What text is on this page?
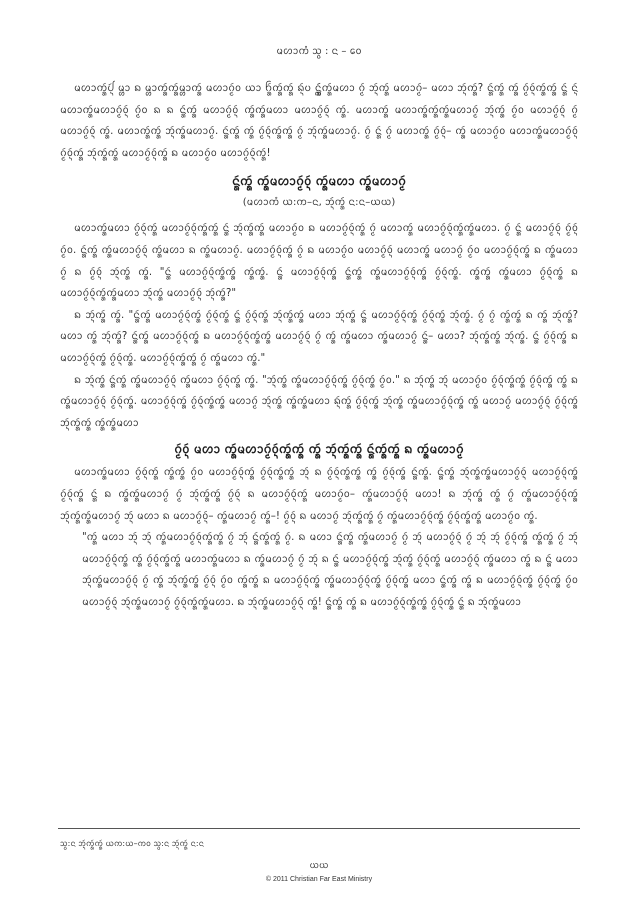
ᨾᩉᩣᨠᩴ ᩈ᩠ᩅ : ᨶ – ᩅᩮ

ᨾᩉᩣᨠᩢ᩠ᩁᨸᩢ᩠ᨶ ᨾ᩠ᩉᩣ ᨦ ᨾ᩠ᩉᩣᨠᩢ᩠ᩁᨠᩢ᩠ᩁᨾ᩠ᩉᩣᨠᩢ᩠ᩁ ᨾᩉᩣᨣᩢ᩠ᨾᩅ ᨿᩣ ᨤᩢ᩠ᩁᨠᩢ᩠ᩁᨠᩢ᩠ᩁ ᨦᩢ᩠ᨶᨷ ᨶᩢ᩠ᨠᩢ᩠ᩁᨠᩢ᩠ᩁᨾᩉᩣ ᨣᩢ᩠ᨾ ᨽᩢ᩠ᨶᨠᩢ᩠ᩁ ᨾᩉᩣᨣᩢ᩠ᨾ– ᨾᩉᩣ ᨽᩢ᩠ᨶᨠᩢ᩠ᩁ? ᨶᩢ᩠ᩁᨠᩢ᩠ᩁ ᨠᩢ᩠ᩁ ᨣᩢ᩠ᨾᩅᩢ᩠ᨶᨠᩢ᩠ᩁᨠᩢ᩠ᩁ ᨶᩢ᩠ᩁ ᨶᩢ᩠ᨶ ᨾᩉᩣᨠᩢ᩠ᩁᨾᩉᩣᨣᩢ᩠ᨾᩅᩢ᩠ᨶ ᨣᩢ᩠ᨾᩅ ᨦ ᨦ ᨶᩢ᩠ᩁᨠᩢ᩠ᩁ ᨾᩉᩣᨣᩢ᩠ᨾᩅᩢ᩠ᨶ ᨠᩢ᩠ᩁᨠᩢ᩠ᩁᨾᩉᩣ ᨾᩉᩣᨣᩢ᩠ᨾᩅᩢ᩠ᨶ ᨠᩢ᩠ᩁ. ᨾᩉᩣᨠᩢ᩠ᩁ ᨾᩉᩣᨠᩢ᩠ᩁᨠᩢ᩠ᩁᨠᩢ᩠ᩁᨾᩉᩣᨣᩢ᩠ᨾ ᨽᩢ᩠ᨶᨠᩢ᩠ᩁ ᨣᩢ᩠ᨾᩅ ᨾᩉᩣᨣᩢ᩠ᨾᩅᩢ᩠ᨶ ᨣᩢ᩠ᨾ ᨾᩉᩣᨣᩢ᩠ᨾᩅᩢ᩠ᨶ ᨠᩢ᩠ᩁ. ᨾᩉᩣᨠᩢ᩠ᩁᨠᩢ᩠ᩁ ᨽᩢ᩠ᨶᨠᩢ᩠ᩁᨾᩉᩣᨣᩢ᩠ᨾ. ᨶᩢ᩠ᩁᨠᩢ᩠ᩁ ᨠᩢ᩠ᩁ ᨣᩢ᩠ᨾᩅᩢ᩠ᨶᨠᩢ᩠ᩁᨠᩢ᩠ᩁ ᨣᩢ᩠ᨾ ᨽᩢ᩠ᨶᨠᩢ᩠ᩁᨾᩉᩣᨣᩢ᩠ᨾ. ᨣᩢ᩠ᨾ ᨶᩢ᩠ᩁ ᨣᩢ᩠ᨾ ᨾᩉᩣᨠᩢ᩠ᩁ ᨣᩢ᩠ᨾᩅᩢ᩠ᨶ– ᨠᩢ᩠ᩁ ᨾᩉᩣᨣᩢ᩠ᨾᩅ ᨾᩉᩣᨠᩢ᩠ᩁᨾᩉᩣᨣᩢ᩠ᨾᩅᩢ᩠ᨶ ᨣᩢ᩠ᨾᩅᩢ᩠ᨶᨠᩢ᩠ᩁ ᨽᩢ᩠ᨶᨠᩢ᩠ᩁᨠᩢ᩠ᩁ ᨾᩉᩣᨣᩢ᩠ᨾᩅᩢ᩠ᨶᨠᩢ᩠ᩁ ᨦ ᨾᩉᩣᨣᩢ᩠ᨾᩅ ᨾᩉᩣᨣᩢ᩠ᨾᩅᩢ᩠ᨶᨠᩢ᩠ᩁ!

ᨶᩢ᩠ᩁᨠᩢ᩠ᩁ ᨠᩢ᩠ᩁᨾᩉᩣᨣᩢ᩠ᨾᩅᩢ᩠ᨶ ᨠᩢ᩠ᩁᨾᩉᩣ ᨠᩢ᩠ᩁᨾᩉᩣᨣᩢ᩠ᨾ
(ᨾᩉᩣᨠᩴ ᨿ:ᨠ–ᨶ, ᨽᩢ᩠ᨶᨠᩢ᩠ᩁ ᨶ:ᨶ–ᨿᨿ)

ᨾᩉᩣᨠᩢ᩠ᩁᨾᩉᩣ ᨣᩢ᩠ᨾᩅᩢ᩠ᨶᨠᩢ᩠ᩁ ᨾᩉᩣᨣᩢ᩠ᨾᩅᩢ᩠ᨶᨠᩢ᩠ᩁᨠᩢ᩠ᩁ ᨶᩢ᩠ᩁ ᨽᩢ᩠ᨶᨠᩢ᩠ᩁᨠᩢ᩠ᩁ ᨾᩉᩣᨣᩢ᩠ᨾᩅ ᨦ ᨾᩉᩣᨣᩢ᩠ᨾᩅᩢ᩠ᨶᨠᩢ᩠ᩁ ᨣᩢ᩠ᨾ ᨾᩉᩣᨠᩢ᩠ᩁ ᨾᩉᩣᨣᩢ᩠ᨾᩅᩢ᩠ᨶᨠᩢ᩠ᩁᨠᩢ᩠ᩁᨾᩉᩣ. ᨣᩢ᩠ᨾ ᨶᩢ᩠ᩁ ᨾᩉᩣᨣᩢ᩠ᨾᩅᩢ᩠ᨶ ᨣᩢ᩠ᨾᩅᩢ᩠ᨶ ᨣᩢ᩠ᨾᩅ. ᨶᩢ᩠ᩁᨠᩢ᩠ᩁ ᨠᩢ᩠ᩁᨾᩉᩣᨣᩢ᩠ᨾᩅᩢ᩠ᨶ ᨠᩢ᩠ᩁᨾᩉᩣ ᨦ ᨠᩢ᩠ᩁᨾᩉᩣᨣᩢ᩠ᨾ. ᨾᩉᩣᨣᩢ᩠ᨾᩅᩢ᩠ᨶᨠᩢ᩠ᩁ ᨣᩢ᩠ᨾ ᨦ ᨾᩉᩣᨣᩢ᩠ᨾᩅ ᨾᩉᩣᨣᩢ᩠ᨾᩅᩢ᩠ᨶ ᨾᩉᩣᨠᩢ᩠ᩁ ᨾᩉᩣᨣᩢ᩠ᨾ ᨣᩢ᩠ᨾᩅ ᨾᩉᩣᨣᩢ᩠ᨾᩅᩢ᩠ᨶᨠᩢ᩠ᩁ ᨦ ᨠᩢ᩠ᩁᨾᩉᩣ ᨣᩢ᩠ᨾ ᨦ ᨣᩢ᩠ᨾᩅᩢ᩠ᨶ ᨽᩢ᩠ᨶᨠᩢ᩠ᩁ ᨠᩢ᩠ᩁ. "ᨶᩢ᩠ᩁ ᨾᩉᩣᨣᩢ᩠ᨾᩅᩢ᩠ᨶᨠᩢ᩠ᩁᨠᩢ᩠ᩁ ᨠᩢ᩠ᩁᨠᩢ᩠ᩁ. ᨶᩢ᩠ᩁ ᨾᩉᩣᨣᩢ᩠ᨾᩅᩢ᩠ᨶᨠᩢ᩠ᩁ ᨶᩢ᩠ᩁᨠᩢ᩠ᩁ ᨠᩢ᩠ᩁᨾᩉᩣᨣᩢ᩠ᨾᩅᩢ᩠ᨶᨠᩢ᩠ᩁ ᨣᩢ᩠ᨾᩅᩢ᩠ᨶᨠᩢ᩠ᩁ. ᨠᩢ᩠ᩁᨠᩢ᩠ᩁ ᨠᩢ᩠ᩁᨾᩉᩣ ᨣᩢ᩠ᨾᩅᩢ᩠ᨶᨠᩢ᩠ᩁ ᨦ ᨾᩉᩣᨣᩢ᩠ᨾᩅᩢ᩠ᨶᨠᩢ᩠ᩁᨠᩢ᩠ᩁᨾᩉᩣ ᨽᩢ᩠ᨶᨠᩢ᩠ᩁ ᨾᩉᩣᨣᩢ᩠ᨾᩅᩢ᩠ᨶ ᨽᩢ᩠ᨶᨠᩢ᩠ᩁ?"

ᨦ ᨽᩢ᩠ᨶᨠᩢ᩠ᩁ ᨠᩢ᩠ᩁ. "ᨶᩢ᩠ᩁᨠᩢ᩠ᩁ ᨾᩉᩣᨣᩢ᩠ᨾᩅᩢ᩠ᨶᨠᩢ᩠ᩁ ᨣᩢ᩠ᨾᩅᩢ᩠ᨶᨠᩢ᩠ᩁ ᨶᩢ᩠ᩁ ᨣᩢ᩠ᨾᩅᩢ᩠ᨶᨠᩢ᩠ᩁ ᨽᩢ᩠ᨶᨠᩢ᩠ᩁᨠᩢ᩠ᩁ ᨾᩉᩣ ᨽᩢ᩠ᨶᨠᩢ᩠ᩁ ᨶᩢ᩠ᩁ ᨾᩉᩣᨣᩢ᩠ᨾᩅᩢ᩠ᨶᨠᩢ᩠ᩁ ᨣᩢ᩠ᨾᩅᩢ᩠ᨶᨠᩢ᩠ᩁ ᨽᩢ᩠ᨶᨠᩢ᩠ᩁ. ᨣᩢ᩠ᨾ ᨣᩢ᩠ᨾ ᨠᩢ᩠ᩁᨠᩢ᩠ᩁ ᨦ ᨠᩢ᩠ᩁ ᨽᩢ᩠ᨶᨠᩢ᩠ᩁ? ᨾᩉᩣ ᨠᩢ᩠ᩁ ᨽᩢ᩠ᨶᨠᩢ᩠ᩁ? ᨶᩢ᩠ᩁᨠᩢ᩠ᩁ ᨾᩉᩣᨣᩢ᩠ᨾᩅᩢ᩠ᨶᨠᩢ᩠ᩁ ᨦ ᨾᩉᩣᨣᩢ᩠ᨾᩅᩢ᩠ᨶᨠᩢ᩠ᩁᨠᩢ᩠ᩁ ᨾᩉᩣᨣᩢ᩠ᨾᩅᩢ᩠ᨶ ᨣᩢ᩠ᨾ ᨠᩢ᩠ᩁ ᨠᩢ᩠ᩁᨾᩉᩣ ᨠᩢ᩠ᩁᨾᩉᩣᨣᩢ᩠ᨾ ᨶᩢ᩠ᩁ– ᨾᩉᩣ? ᨽᩢ᩠ᨶᨠᩢ᩠ᩁᨠᩢ᩠ᩁ ᨽᩢ᩠ᨶᨠᩢ᩠ᩁ. ᨶᩢ᩠ᩁ ᨣᩢ᩠ᨾᩅᩢ᩠ᨶᨠᩢ᩠ᩁ ᨦ ᨾᩉᩣᨣᩢ᩠ᨾᩅᩢ᩠ᨶᨠᩢ᩠ᩁ ᨣᩢ᩠ᨾᩅᩢ᩠ᨶᨠᩢ᩠ᩁ. ᨾᩉᩣᨣᩢ᩠ᨾᩅᩢ᩠ᨶᨠᩢ᩠ᩁᨠᩢ᩠ᩁ ᨣᩢ᩠ᨾ ᨠᩢ᩠ᩁᨾᩉᩣ ᨠᩢ᩠ᩁ."

ᨦ ᨽᩢ᩠ᨶᨠᩢ᩠ᩁ ᨶᩢ᩠ᩁᨠᩢ᩠ᩁ ᨠᩢ᩠ᩁᨾᩉᩣᨣᩢ᩠ᨾᩅᩢ᩠ᨶ ᨠᩢ᩠ᩁᨾᩉᩣ ᨣᩢ᩠ᨾᩅᩢ᩠ᨶᨠᩢ᩠ᩁ ᨠᩢ᩠ᩁ. "ᨽᩢ᩠ᨶᨠᩢ᩠ᩁ ᨠᩢ᩠ᩁᨾᩉᩣᨣᩢ᩠ᨾᩅᩢ᩠ᨶᨠᩢ᩠ᩁ ᨣᩢ᩠ᨾᩅᩢ᩠ᨶᨠᩢ᩠ᩁ ᨣᩢ᩠ᨾᩅ." ᨦ ᨽᩢ᩠ᨶᨠᩢ᩠ᩁ ᨽᩢ᩠ᨶ ᨾᩉᩣᨣᩢ᩠ᨾᩅ ᨣᩢ᩠ᨾᩅᩢ᩠ᨶᨠᩢ᩠ᩁᨠᩢ᩠ᩁ ᨣᩢ᩠ᨾᩅᩢ᩠ᨶᨠᩢ᩠ᩁ ᨠᩢ᩠ᩁ ᨦ ᨠᩢ᩠ᩁᨾᩉᩣᨣᩢ᩠ᨾᩅᩢ᩠ᨶ ᨣᩢ᩠ᨾᩅᩢ᩠ᨶᨠᩢ᩠ᩁ. ᨾᩉᩣᨣᩢ᩠ᨾᩅᩢ᩠ᨶᨠᩢ᩠ᩁ ᨣᩢ᩠ᨾᩅᩢ᩠ᨶᨠᩢ᩠ᩁᨠᩢ᩠ᩁ ᨾᩉᩣᨣᩢ᩠ᨾ ᨽᩢ᩠ᨶᨠᩢ᩠ᩁ ᨠᩢ᩠ᩁᨠᩢ᩠ᩁᨾᩉᩣ ᨦᩢ᩠ᨶᨠᩢ᩠ᩁ ᨣᩢ᩠ᨾᩅᩢ᩠ᨶᨠᩢ᩠ᩁ ᨽᩢ᩠ᨶᨠᩢ᩠ᩁ ᨠᩢ᩠ᩁᨾᩉᩣᨣᩢ᩠ᨾᩅᩢ᩠ᨶᨠᩢ᩠ᩁ ᨠᩢ᩠ᩁ ᨾᩉᩣᨣᩢ᩠ᨾ ᨾᩉᩣᨣᩢ᩠ᨾᩅᩢ᩠ᨶ ᨣᩢ᩠ᨾᩅᩢ᩠ᨶᨠᩢ᩠ᩁ ᨽᩢ᩠ᨶᨠᩢ᩠ᩁᨠᩢ᩠ᩁ ᨠᩢ᩠ᩁᨠᩢ᩠ᩁᨾᩉᩣ

ᨣᩢ᩠ᨾᩅᩢ᩠ᨶ ᨾᩉᩣ ᨠᩢ᩠ᩁᨾᩉᩣᨣᩢ᩠ᨾᩅᩢ᩠ᨶᨠᩢ᩠ᩁᨠᩢ᩠ᩁ ᨠᩢ᩠ᩁ ᨽᩢ᩠ᨶᨠᩢ᩠ᩁᨠᩢ᩠ᩁ ᨶᩢ᩠ᩁᨠᩢ᩠ᩁᨠᩢ᩠ᩁ ᨦ ᨠᩢ᩠ᩁᨾᩉᩣᨣᩢ᩠ᨾ

ᨾᩉᩣᨠᩢ᩠ᩁᨾᩉᩣ ᨣᩢ᩠ᨾᩅᩢ᩠ᨶᨠᩢ᩠ᩁ ᨠᩢ᩠ᩁᨠᩢ᩠ᩁ ᨣᩢ᩠ᨾᩅ ᨾᩉᩣᨣᩢ᩠ᨾᩅᩢ᩠ᨶᨠᩢ᩠ᩁ ᨣᩢ᩠ᨾᩅᩢ᩠ᨶᨠᩢ᩠ᩁᨠᩢ᩠ᩁ ᨽᩢ᩠ᨶ ᨦ ᨣᩢ᩠ᨾᩅᩢ᩠ᨶᨠᩢ᩠ᩁᨠᩢ᩠ᩁ ᨠᩢ᩠ᩁ ᨣᩢ᩠ᨾᩅᩢ᩠ᨶᨠᩢ᩠ᩁ ᨶᩢ᩠ᩁᨠᩢ᩠ᩁ. ᨶᩢ᩠ᩁᨠᩢ᩠ᩁ ᨽᩢ᩠ᨶᨠᩢ᩠ᩁᨠᩢ᩠ᩁᨾᩉᩣᨣᩢ᩠ᨾᩅᩢ᩠ᨶ ᨾᩉᩣᨣᩢ᩠ᨾᩅᩢ᩠ᨶᨠᩢ᩠ᩁ ᨣᩢ᩠ᨾᩅᩢ᩠ᨶᨠᩢ᩠ᩁ ᨶᩢ᩠ᩁ ᨦ ᨠᩢ᩠ᩁᨠᩢ᩠ᩁᨾᩉᩣᨣᩢ᩠ᨾ ᨣᩢ᩠ᨾ ᨽᩢ᩠ᨶᨠᩢ᩠ᩁᨠᩢ᩠ᩁ ᨣᩢ᩠ᨾᩅᩢ᩠ᨶ ᨦ ᨾᩉᩣᨣᩢ᩠ᨾᩅᩢ᩠ᨶᨠᩢ᩠ᩁ ᨾᩉᩣᨣᩢ᩠ᨾᩅ– ᨠᩢ᩠ᩁᨾᩉᩣᨣᩢ᩠ᨾᩅᩢ᩠ᨶ ᨾᩉᩣ! ᨦ ᨽᩢ᩠ᨶᨠᩢ᩠ᩁ ᨠᩢ᩠ᩁ ᨣᩢ᩠ᨾ ᨠᩢ᩠ᩁᨾᩉᩣᨣᩢ᩠ᨾᩅᩢ᩠ᨶᨠᩢ᩠ᩁ ᨽᩢ᩠ᨶᨠᩢ᩠ᩁᨠᩢ᩠ᩁᨾᩉᩣᨣᩢ᩠ᨾ ᨽᩢ᩠ᨶ ᨾᩉᩣ ᨦ ᨾᩉᩣᨣᩢ᩠ᨾᩅᩢ᩠ᨶ– ᨠᩢ᩠ᩁᨾᩉᩣᨣᩢ᩠ᨾ ᨠᩢ᩠ᩁ–! ᨣᩢ᩠ᨾᩅᩢ᩠ᨶ ᨦ ᨾᩉᩣᨣᩢ᩠ᨾ ᨽᩢ᩠ᨶᨠᩢ᩠ᩁᨠᩢ᩠ᩁ ᨣᩢ᩠ᨾ ᨠᩢ᩠ᩁᨾᩉᩣᨣᩢ᩠ᨾᩅᩢ᩠ᨶᨠᩢ᩠ᩁ ᨣᩢ᩠ᨾᩅᩢ᩠ᨶᨠᩢ᩠ᩁᨠᩢ᩠ᩁ ᨾᩉᩣᨣᩢ᩠ᨾᩅ ᨠᩢ᩠ᩁ.

"ᨠᩢ᩠ᩁ ᨾᩉᩣ ᨽᩢ᩠ᨶ ᨽᩢ᩠ᨶ ᨠᩢ᩠ᩁᨾᩉᩣᨣᩢ᩠ᨾᩅᩢ᩠ᨶᨠᩢ᩠ᩁᨠᩢ᩠ᩁ ᨣᩢ᩠ᨾ ᨽᩢ᩠ᨶ ᨶᩢ᩠ᩁᨠᩢ᩠ᩁᨠᩢ᩠ᩁ ᨣᩢ᩠ᨾ. ᨦ ᨾᩉᩣ ᨶᩢ᩠ᩁᨠᩢ᩠ᩁ ᨠᩢ᩠ᩁᨾᩉᩣᨣᩢ᩠ᨾ ᨣᩢ᩠ᨾ ᨽᩢ᩠ᨶ ᨾᩉᩣᨣᩢ᩠ᨾᩅᩢ᩠ᨶ ᨣᩢ᩠ᨾ ᨽᩢ᩠ᨶ ᨽᩢ᩠ᨶ ᨣᩢ᩠ᨾᩅᩢ᩠ᨶᨠᩢ᩠ᩁ ᨠᩢ᩠ᩁᨠᩢ᩠ᩁ ᨣᩢ᩠ᨾ ᨽᩢ᩠ᨶ ᨾᩉᩣᨣᩢ᩠ᨾᩅᩢ᩠ᨶᨠᩢ᩠ᩁ ᨠᩢ᩠ᩁ ᨣᩢ᩠ᨾᩅᩢ᩠ᨶᨠᩢ᩠ᩁᨠᩢ᩠ᩁ ᨾᩉᩣᨠᩢ᩠ᩁᨾᩉᩣ ᨦ ᨠᩢ᩠ᩁᨾᩉᩣᨣᩢ᩠ᨾ ᨣᩢ᩠ᨾ ᨽᩢ᩠ᨶ ᨦ ᨶᩢ᩠ᩁ ᨾᩉᩣᨣᩢ᩠ᨾᩅᩢ᩠ᨶᨠᩢ᩠ᩁ ᨽᩢ᩠ᨶᨠᩢ᩠ᩁ ᨣᩢ᩠ᨾᩅᩢ᩠ᨶᨠᩢ᩠ᩁ ᨾᩉᩣᨣᩢ᩠ᨾᩅᩢ᩠ᨶ ᨠᩢ᩠ᩁᨾᩉᩣ ᨠᩢ᩠ᩁ ᨦ ᨶᩢ᩠ᩁ ᨾᩉᩣ ᨽᩢ᩠ᨶᨠᩢ᩠ᩁᨾᩉᩣᨣᩢ᩠ᨾᩅᩢ᩠ᨶ ᨣᩢ᩠ᨾ ᨠᩢ᩠ᩁ ᨽᩢ᩠ᨶᨠᩢ᩠ᩁᨠᩢ᩠ᩁ ᨣᩢ᩠ᨾᩅᩢ᩠ᨶ ᨣᩢ᩠ᨾᩅ ᨠᩢ᩠ᩁᨠᩢ᩠ᩁ ᨦ ᨾᩉᩣᨣᩢ᩠ᨾᩅᩢ᩠ᨶᨠᩢ᩠ᩁ ᨠᩢ᩠ᩁᨾᩉᩣᨣᩢ᩠ᨾᩅᩢ᩠ᨶᨠᩢ᩠ᩁ ᨣᩢ᩠ᨾᩅᩢ᩠ᨶᨠᩢ᩠ᩁ ᨾᩉᩣ ᨶᩢ᩠ᩁᨠᩢ᩠ᩁ ᨠᩢ᩠ᩁ ᨦ ᨾᩉᩣᨣᩢ᩠ᨾᩅᩢ᩠ᨶᨠᩢ᩠ᩁ ᨣᩢ᩠ᨾᩅᩢ᩠ᨶᨠᩢ᩠ᩁ ᨣᩢ᩠ᨾᩅ ᨾᩉᩣᨣᩢ᩠ᨾᩅᩢ᩠ᨶ ᨽᩢ᩠ᨶᨠᩢ᩠ᩁᨾᩉᩣᨣᩢ᩠ᨾ ᨣᩢ᩠ᨾᩅᩢ᩠ᨶᨠᩢ᩠ᩁᨠᩢ᩠ᩁᨾᩉᩣ. ᨦ ᨽᩢ᩠ᨶᨠᩢ᩠ᩁᨾᩉᩣᨣᩢ᩠ᨾᩅᩢ᩠ᨶ ᨠᩢ᩠ᩁ! ᨶᩢ᩠ᩁᨠᩢ᩠ᩁ ᨠᩢ᩠ᩁ ᨦ ᨾᩉᩣᨣᩢ᩠ᨾᩅᩢ᩠ᨶᨠᩢ᩠ᩁᨠᩢ᩠ᩁ ᨣᩢ᩠ᨾᩅᩢ᩠ᨶᨠᩢ᩠ᩁ ᨶᩢ᩠ᩁ ᨦ ᨽᩢ᩠ᨶᨠᩢ᩠ᩁᨾᩉᩣ

ᩈ᩠ᩅ:ᨶ ᨽᩢ᩠ᨶᨠᩢ᩠ᩁᨠᩢ᩠ᩁ ᨿᨠ:ᨿ–ᨠᩅ ᩈ᩠ᩅ:ᨶ ᨽᩢ᩠ᨶᨠᩢ᩠ᩁ ᨶ:ᨶ
ᨿᨿ
© 2011 Christian Far East Ministry
